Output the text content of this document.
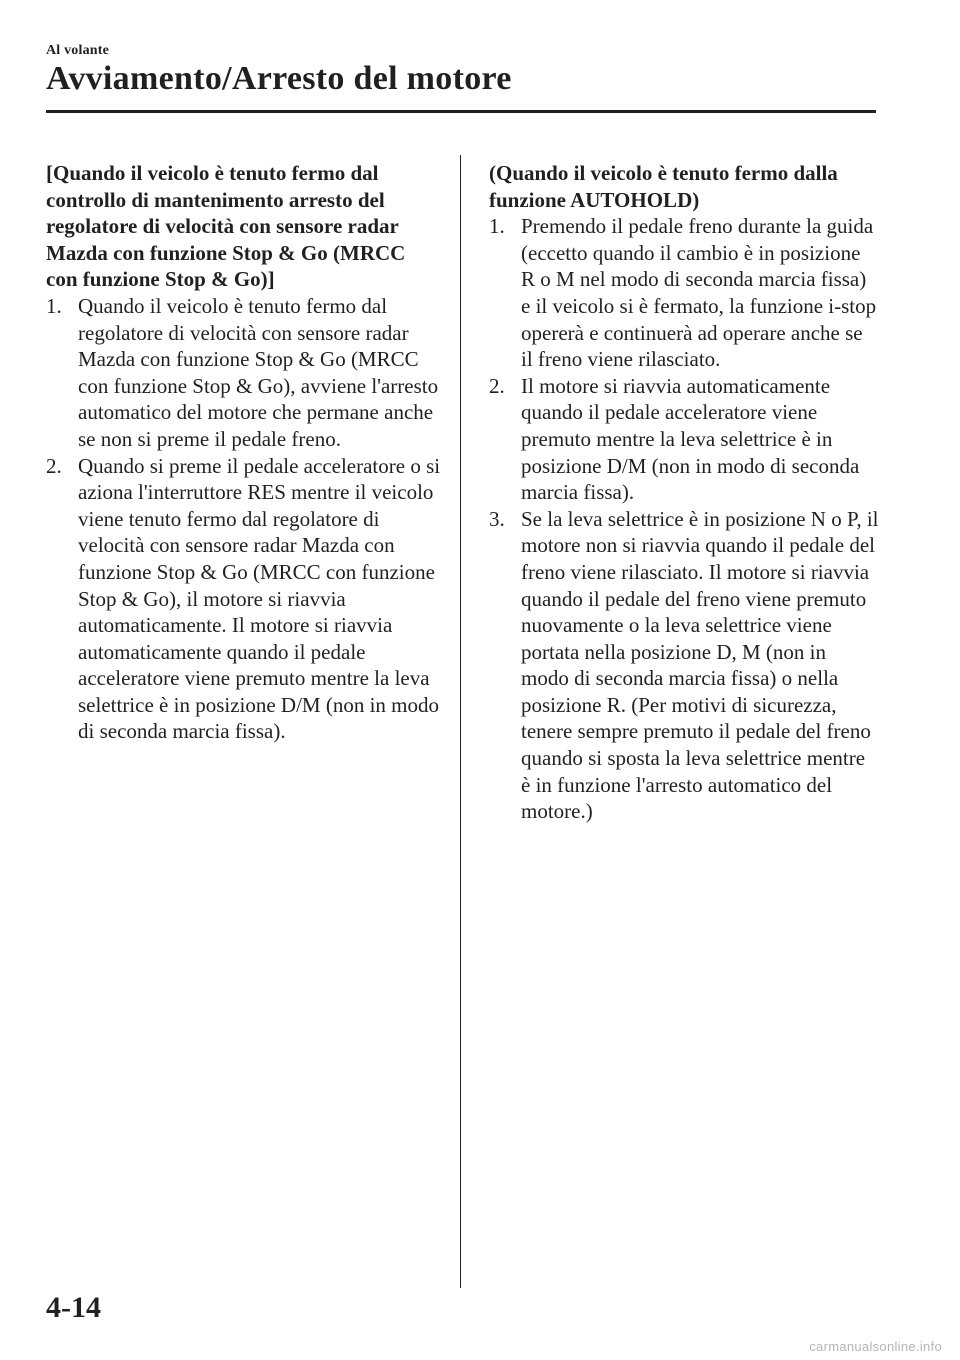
Al volante
Avviamento/Arresto del motore

[Quando il veicolo è tenuto fermo dal controllo di mantenimento arresto del regolatore di velocità con sensore radar Mazda con funzione Stop & Go (MRCC con funzione Stop & Go)]

1. Quando il veicolo è tenuto fermo dal regolatore di velocità con sensore radar Mazda con funzione Stop & Go (MRCC con funzione Stop & Go), avviene l'arresto automatico del motore che permane anche se non si preme il pedale freno.
2. Quando si preme il pedale acceleratore o si aziona l'interruttore RES mentre il veicolo viene tenuto fermo dal regolatore di velocità con sensore radar Mazda con funzione Stop & Go (MRCC con funzione Stop & Go), il motore si riavvia automaticamente. Il motore si riavvia automaticamente quando il pedale acceleratore viene premuto mentre la leva selettrice è in posizione D/M (non in modo di seconda marcia fissa).

(Quando il veicolo è tenuto fermo dalla funzione AUTOHOLD)

1. Premendo il pedale freno durante la guida (eccetto quando il cambio è in posizione R o M nel modo di seconda marcia fissa) e il veicolo si è fermato, la funzione i-stop opererà e continuerà ad operare anche se il freno viene rilasciato.
2. Il motore si riavvia automaticamente quando il pedale acceleratore viene premuto mentre la leva selettrice è in posizione D/M (non in modo di seconda marcia fissa).
3. Se la leva selettrice è in posizione N o P, il motore non si riavvia quando il pedale del freno viene rilasciato. Il motore si riavvia quando il pedale del freno viene premuto nuovamente o la leva selettrice viene portata nella posizione D, M (non in modo di seconda marcia fissa) o nella posizione R. (Per motivi di sicurezza, tenere sempre premuto il pedale del freno quando si sposta la leva selettrice mentre è in funzione l'arresto automatico del motore.)
4-14
carmanualsonline.info
